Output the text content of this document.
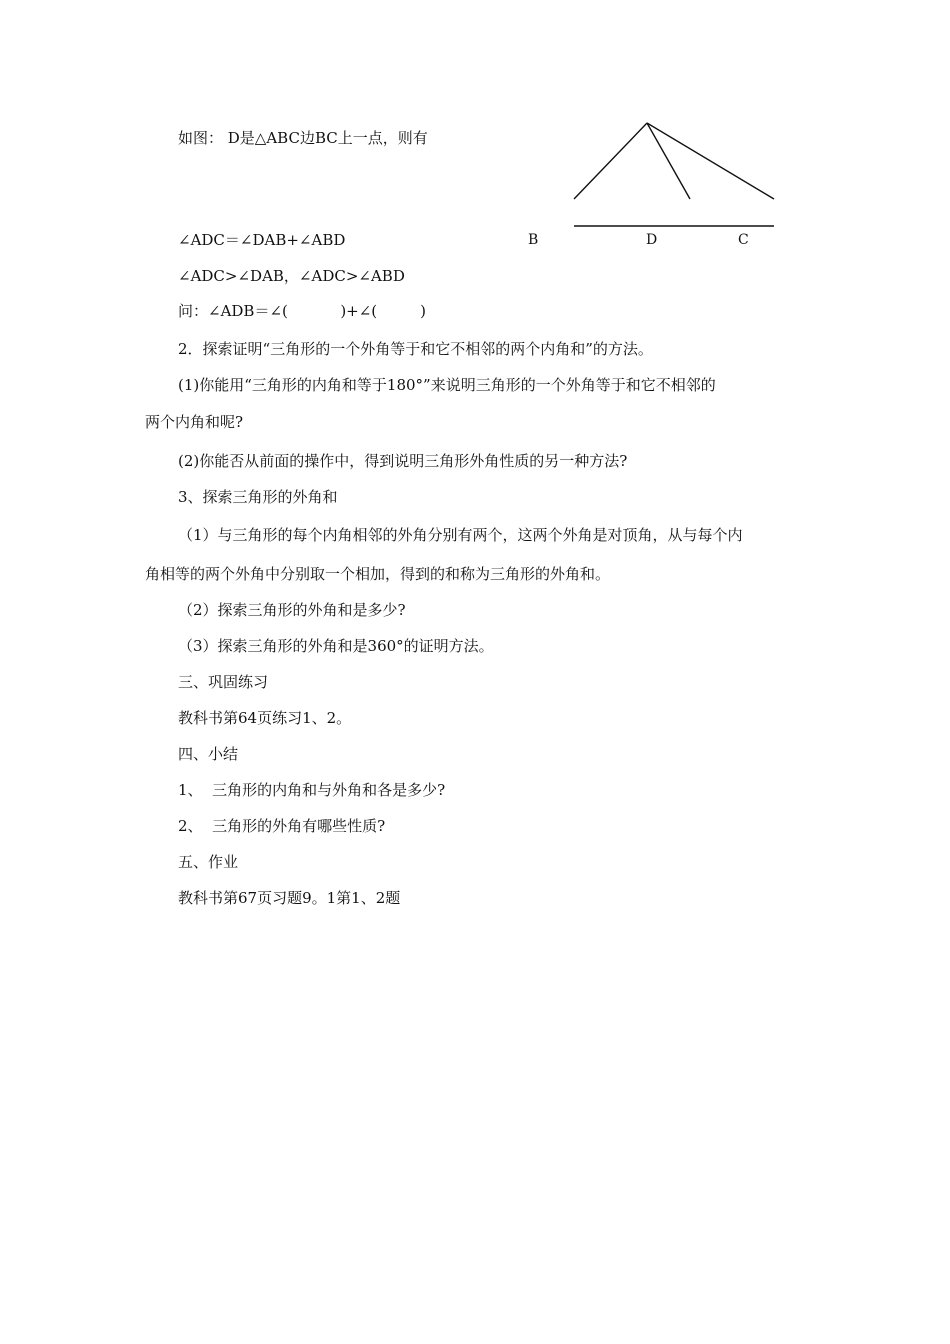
如图： D是△ABC边BC上一点，则有
B	D	C
∠ADC＝∠DAB+∠ABD
∠ADC>∠DAB，∠ADC>∠ABD
问：∠ADB＝∠(           )+∠(         )
2．探索证明“三角形的一个外角等于和它不相邻的两个内角和”的方法。
(1)你能用“三角形的内角和等于180°”来说明三角形的一个外角等于和它不相邻的
两个内角和呢?
(2)你能否从前面的操作中，得到说明三角形外角性质的另一种方法?
3、探索三角形的外角和
（1）与三角形的每个内角相邻的外角分别有两个，这两个外角是对顶角，从与每个内
角相等的两个外角中分别取一个相加，得到的和称为三角形的外角和。
（2）探索三角形的外角和是多少?
（3）探索三角形的外角和是360°的证明方法。
三、巩固练习
教科书第64页练习1、2。
四、小结
1、  三角形的内角和与外角和各是多少?
2、  三角形的外角有哪些性质?
五、作业
教科书第67页习题9。1第1、2题
